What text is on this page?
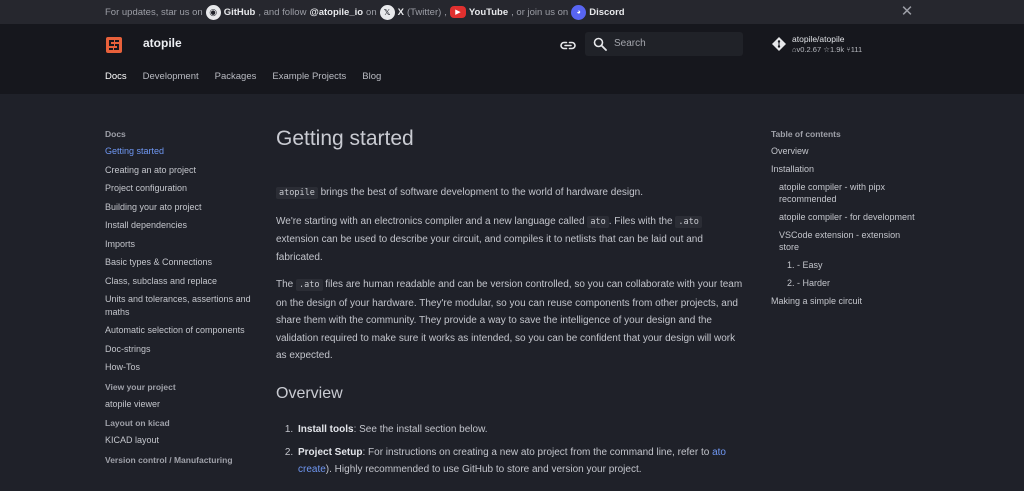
For updates, star us on ◉ GitHub , and follow @atopile_io on 𝕏 X (Twitter) ,	▶ YouTube , or join us on	◕ Discord	✕
atopile	Search	atopile/atopile
⌂v0.2.67 ☆1.9k ⑂111
Docs Development Packages Example Projects Blog
Docs
Getting started
Creating an ato project
Project configuration
Building your ato project
Install dependencies
Imports
Basic types & Connections
Class, subclass and replace
Units and tolerances, assertions and maths
Automatic selection of components
Doc-strings
How-Tos
View your project
atopile viewer
Layout on kicad
KICAD layout
Version control / Manufacturing
Getting started

atopile brings the best of software development to the world of hardware design.

We're starting with an electronics compiler and a new language called ato . Files with the .ato extension can be used to describe your circuit, and compiles it to netlists that can be laid out and fabricated.

The .ato files are human readable and can be version controlled, so you can collaborate with your team on the design of your hardware. They're modular, so you can reuse components from other projects, and share them with the community. They provide a way to save the intelligence of your design and the validation required to make sure it works as intended, so you can be confident that your design will work as expected.

Overview
1. Install tools: See the install section below.
2. Project Setup: For instructions on creating a new ato project from the command line, refer to ato create). Highly recommended to use GitHub to store and version your project.
Table of contents
Overview
Installation
atopile compiler - with pipx recommended
atopile compiler - for development
VSCode extension - extension store
1. - Easy
2. - Harder
Making a simple circuit
